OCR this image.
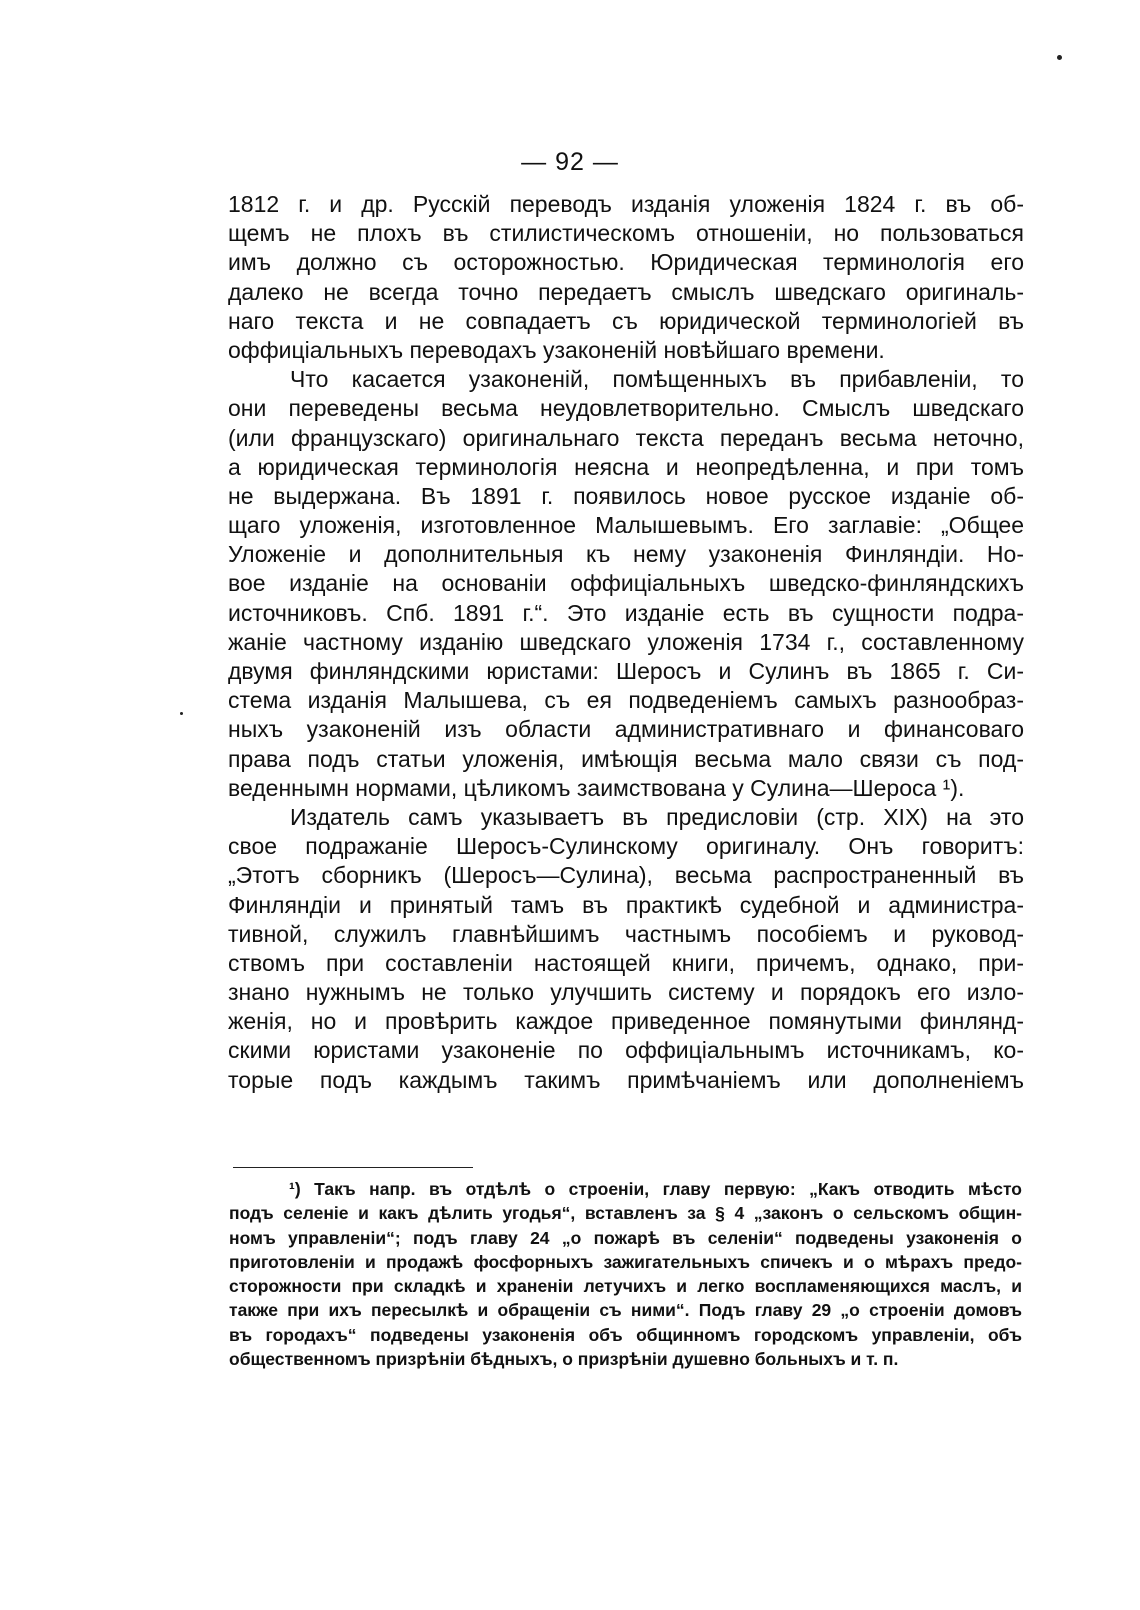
— 92 —
1812 г. и др. Русскій переводъ изданія уложенія 1824 г. въ об-
щемъ не плохъ въ стилистическомъ отношеніи, но пользоваться
имъ должно съ осторожностью. Юридическая терминологія его
далеко не всегда точно передаетъ смыслъ шведскаго оригиналь-
наго текста и не совпадаетъ съ юридической терминологіей въ
оффиціальныхъ переводахъ узаконеній новѣйшаго времени.
Что касается узаконеній, помѣщенныхъ въ прибавленіи, то
они переведены весьма неудовлетворительно. Смыслъ шведскаго
(или французскаго) оригинальнаго текста переданъ весьма неточно,
а юридическая терминологія неясна и неопредѣленна, и при томъ
не выдержана. Въ 1891 г. появилось новое русское изданіе об-
щаго уложенія, изготовленное Малышевымъ. Его заглавіе: „Общее
Уложеніе и дополнительныя къ нему узаконенія Финляндіи. Но-
вое изданіе на основаніи оффиціальныхъ шведско-финляндскихъ
источниковъ. Спб. 1891 г.“. Это изданіе есть въ сущности подра-
жаніе частному изданію шведскаго уложенія 1734 г., составленному
двумя финляндскими юристами: Шеросъ и Сулинъ въ 1865 г. Си-
стема изданія Малышева, съ ея подведеніемъ самыхъ разнообраз-
ныхъ узаконеній изъ области административнаго и финансоваго
права подъ статьи уложенія, имѣющія весьма мало связи съ под-
веденнымн нормами, цѣликомъ заимствована у Сулина—Шероса ¹).
Издатель самъ указываетъ въ предисловіи (стр. XIX) на это
свое подражаніе Шеросъ-Сулинскому оригиналу. Онъ говоритъ:
„Этотъ сборникъ (Шеросъ—Сулина), весьма распространенный въ
Финляндіи и принятый тамъ въ практикѣ судебной и администра-
тивной, служилъ главнѣйшимъ частнымъ пособіемъ и руковод-
ствомъ при составленіи настоящей книги, причемъ, однако, при-
знано нужнымъ не только улучшить систему и порядокъ его изло-
женія, но и провѣрить каждое приведенное помянутыми финлянд-
скими юристами узаконеніе по оффиціальнымъ источникамъ, ко-
торые подъ каждымъ такимъ примѣчаніемъ или дополненіемъ
¹) Такъ напр. въ отдѣлѣ о строеніи, главу первую: „Какъ отводить мѣсто
подъ селеніе и какъ дѣлить угодья“, вставленъ за § 4 „законъ о сельскомъ общин-
номъ управленіи“; подъ главу 24 „о пожарѣ въ селеніи“ подведены узаконенія о
приготовленіи и продажѣ фосфорныхъ зажигательныхъ спичекъ и о мѣрахъ предо-
сторожности при складкѣ и храненіи летучихъ и легко воспламеняющихся маслъ, и
также при ихъ пересылкѣ и обращеніи съ ними“. Подъ главу 29 „о строеніи домовъ
въ городахъ“ подведены узаконенія объ общинномъ городскомъ управленіи, объ
общественномъ призрѣніи бѣдныхъ, о призрѣніи душевно больныхъ и т. п.
